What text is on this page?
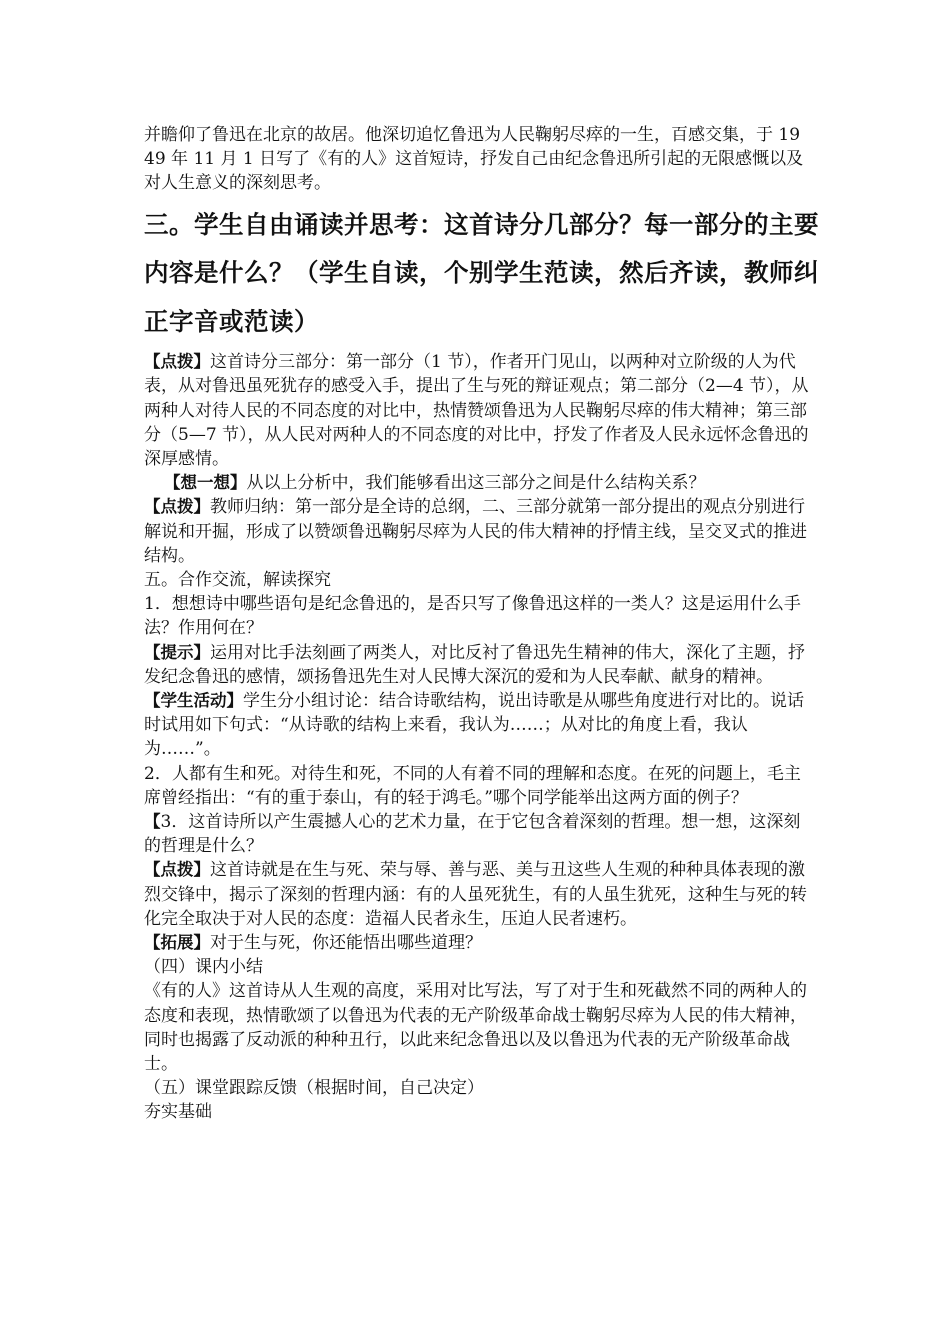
并瞻仰了鲁迅在北京的故居。他深切追忆鲁迅为人民鞠躬尽瘁的一生，百感交集，于 1949 年 11 月 1 日写了《有的人》这首短诗，抒发自己由纪念鲁迅所引起的无限感慨以及对人生意义的深刻思考。

三。学生自由诵读并思考：这首诗分几部分？每一部分的主要内容是什么？（学生自读，个别学生范读，然后齐读，教师纠正字音或范读）

【点拨】这首诗分三部分：第一部分（1 节），作者开门见山，以两种对立阶级的人为代表，从对鲁迅虽死犹存的感受入手，提出了生与死的辩证观点；第二部分（2—4 节），从两种人对待人民的不同态度的对比中，热情赞颂鲁迅为人民鞠躬尽瘁的伟大精神；第三部分（5—7 节），从人民对两种人的不同态度的对比中，抒发了作者及人民永远怀念鲁迅的深厚感情。

【想一想】从以上分析中，我们能够看出这三部分之间是什么结构关系？

【点拨】教师归纳：第一部分是全诗的总纲，二、三部分就第一部分提出的观点分别进行解说和开掘，形成了以赞颂鲁迅鞠躬尽瘁为人民的伟大精神的抒情主线，呈交叉式的推进结构。

五。合作交流，解读探究

1．想想诗中哪些语句是纪念鲁迅的，是否只写了像鲁迅这样的一类人？这是运用什么手法？作用何在？

【提示】运用对比手法刻画了两类人，对比反衬了鲁迅先生精神的伟大，深化了主题，抒发纪念鲁迅的感情，颂扬鲁迅先生对人民博大深沉的爱和为人民奉献、献身的精神。

【学生活动】学生分小组讨论：结合诗歌结构，说出诗歌是从哪些角度进行对比的。说话时试用如下句式：“从诗歌的结构上来看，我认为……；从对比的角度上看，我认为……”。

2．人都有生和死。对待生和死，不同的人有着不同的理解和态度。在死的问题上，毛主席曾经指出：“有的重于泰山，有的轻于鸿毛。”哪个同学能举出这两方面的例子？

【3．这首诗所以产生震撼人心的艺术力量，在于它包含着深刻的哲理。想一想，这深刻的哲理是什么？

【点拨】这首诗就是在生与死、荣与辱、善与恶、美与丑这些人生观的种种具体表现的激烈交锋中，揭示了深刻的哲理内涵：有的人虽死犹生，有的人虽生犹死，这种生与死的转化完全取决于对人民的态度：造福人民者永生，压迫人民者速朽。

【拓展】对于生与死，你还能悟出哪些道理？

（四）课内小结

《有的人》这首诗从人生观的高度，采用对比写法，写了对于生和死截然不同的两种人的态度和表现，热情歌颂了以鲁迅为代表的无产阶级革命战士鞠躬尽瘁为人民的伟大精神，同时也揭露了反动派的种种丑行，以此来纪念鲁迅以及以鲁迅为代表的无产阶级革命战士。

（五）课堂跟踪反馈（根据时间，自己决定）

夯实基础
